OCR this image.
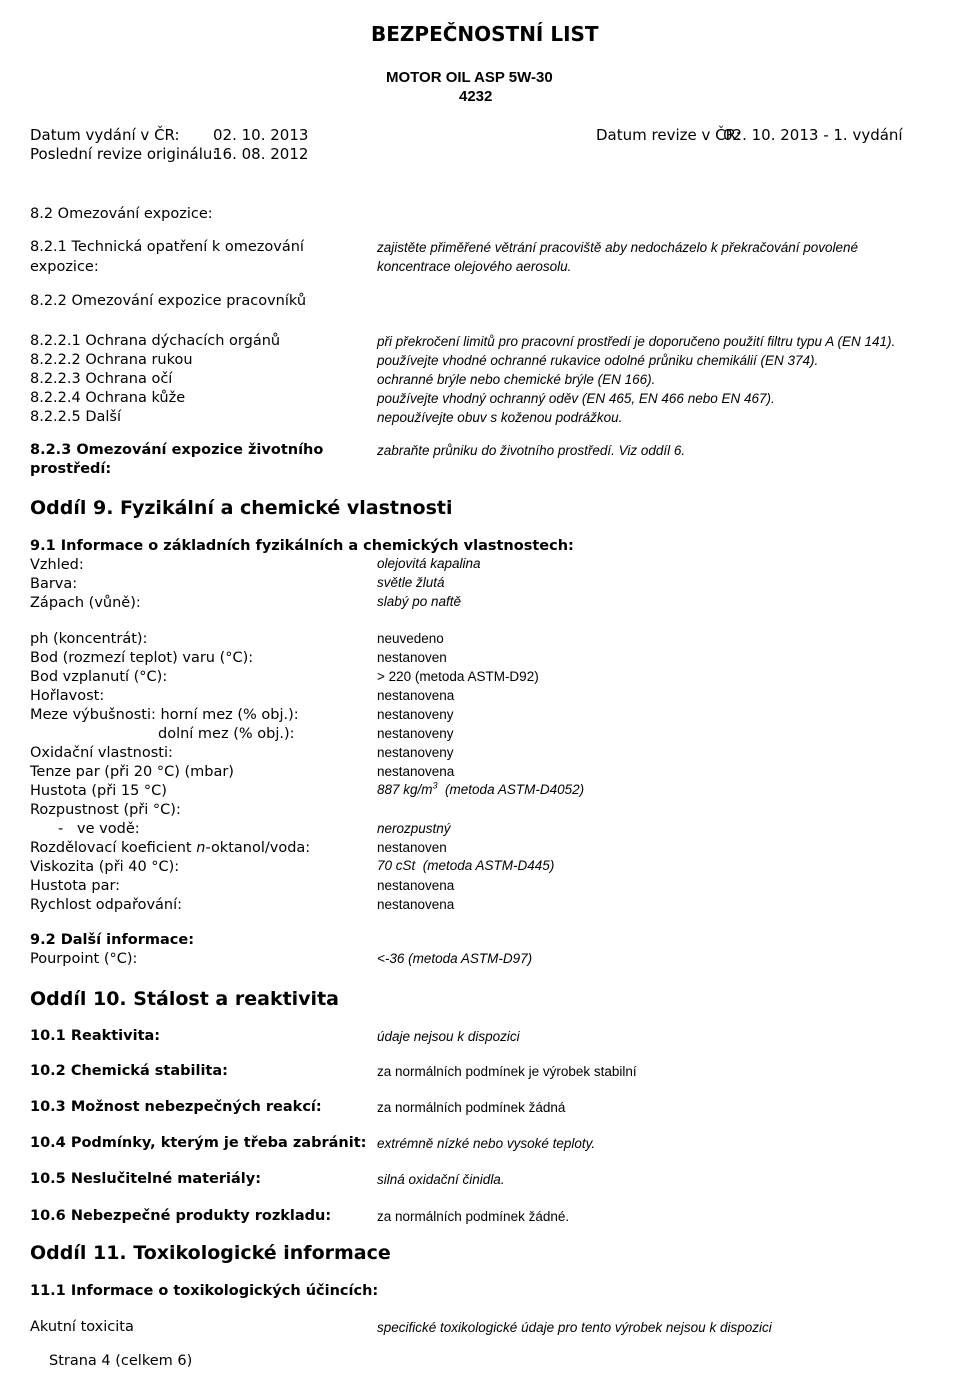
BEZPEČNOSTNÍ LIST
MOTOR OIL ASP 5W-30
4232
Datum vydání v ČR: 02. 10. 2013	Datum revize v ČR:
02. 10. 2013 - 1. vydání
Poslední revize originálu:
16. 08. 2012
8.2 Omezování expozice:
8.2.1 Technická opatření k omezování
expozice:
zajistěte přiměřené větrání pracoviště aby nedocházelo k překračování povolené
koncentrace olejového aerosolu.
8.2.2 Omezování expozice pracovníků
8.2.2.1 Ochrana dýchacích orgánů	při překročení limitů pro pracovní prostředí je doporučeno použití filtru typu A (EN 141).
8.2.2.2 Ochrana rukou	používejte vhodné ochranné rukavice odolné průniku chemikálií (EN 374).
8.2.2.3 Ochrana očí	ochranné brýle nebo chemické brýle (EN 166).
8.2.2.4 Ochrana kůže	používejte vhodný ochranný oděv (EN 465, EN 466 nebo EN 467).
8.2.2.5 Další	nepoužívejte obuv s koženou podrážkou.
8.2.3 Omezování expozice životního
prostředí:
zabraňte průniku do životního prostředí. Viz oddíl 6.
Oddíl 9. Fyzikální a chemické vlastnosti
9.1 Informace o základních fyzikálních a chemických vlastnostech:
Vzhled:	olejovitá kapalina
Barva:	světle žlutá
Zápach (vůně):	slabý po naftě
ph (koncentrát):	neuvedeno
Bod (rozmezí teplot) varu (°C):	nestanoven
Bod vzplanutí (°C):	> 220 (metoda ASTM-D92)
Hořlavost:	nestanovena
Meze výbušnosti: horní mez (% obj.):	nestanoveny
dolní mez (% obj.):	nestanoveny
Oxidační vlastnosti:	nestanoveny
Tenze par (při 20 °C) (mbar)	nestanovena
Hustota (při 15 °C)	887 $kg/m^3$  (metoda ASTM-D4052)
Rozpustnost (při °C):
-   ve vodě:	nerozpustný
Rozdělovací koeficient n-oktanol/voda:	nestanoven
Viskozita (při 40 °C):	70 cSt  (metoda ASTM-D445)
Hustota par:	nestanovena
Rychlost odpařování:	nestanovena
9.2 Další informace:
Pourpoint (°C):	<-36 (metoda ASTM-D97)
Oddíl 10. Stálost a reaktivita
10.1 Reaktivita:	údaje nejsou k dispozici
10.2 Chemická stabilita:	za normálních podmínek je výrobek stabilní
10.3 Možnost nebezpečných reakcí:	za normálních podmínek žádná
10.4 Podmínky, kterým je třeba zabránit: extrémně nízké nebo vysoké teploty.
10.5 Neslučitelné materiály:	silná oxidační činidla.
10.6 Nebezpečné produkty rozkladu:	za normálních podmínek žádné.
Oddíl 11. Toxikologické informace
11.1 Informace o toxikologických účincích:
Akutní toxicita	specifické toxikologické údaje pro tento výrobek nejsou k dispozici
Strana 4 (celkem 6)
